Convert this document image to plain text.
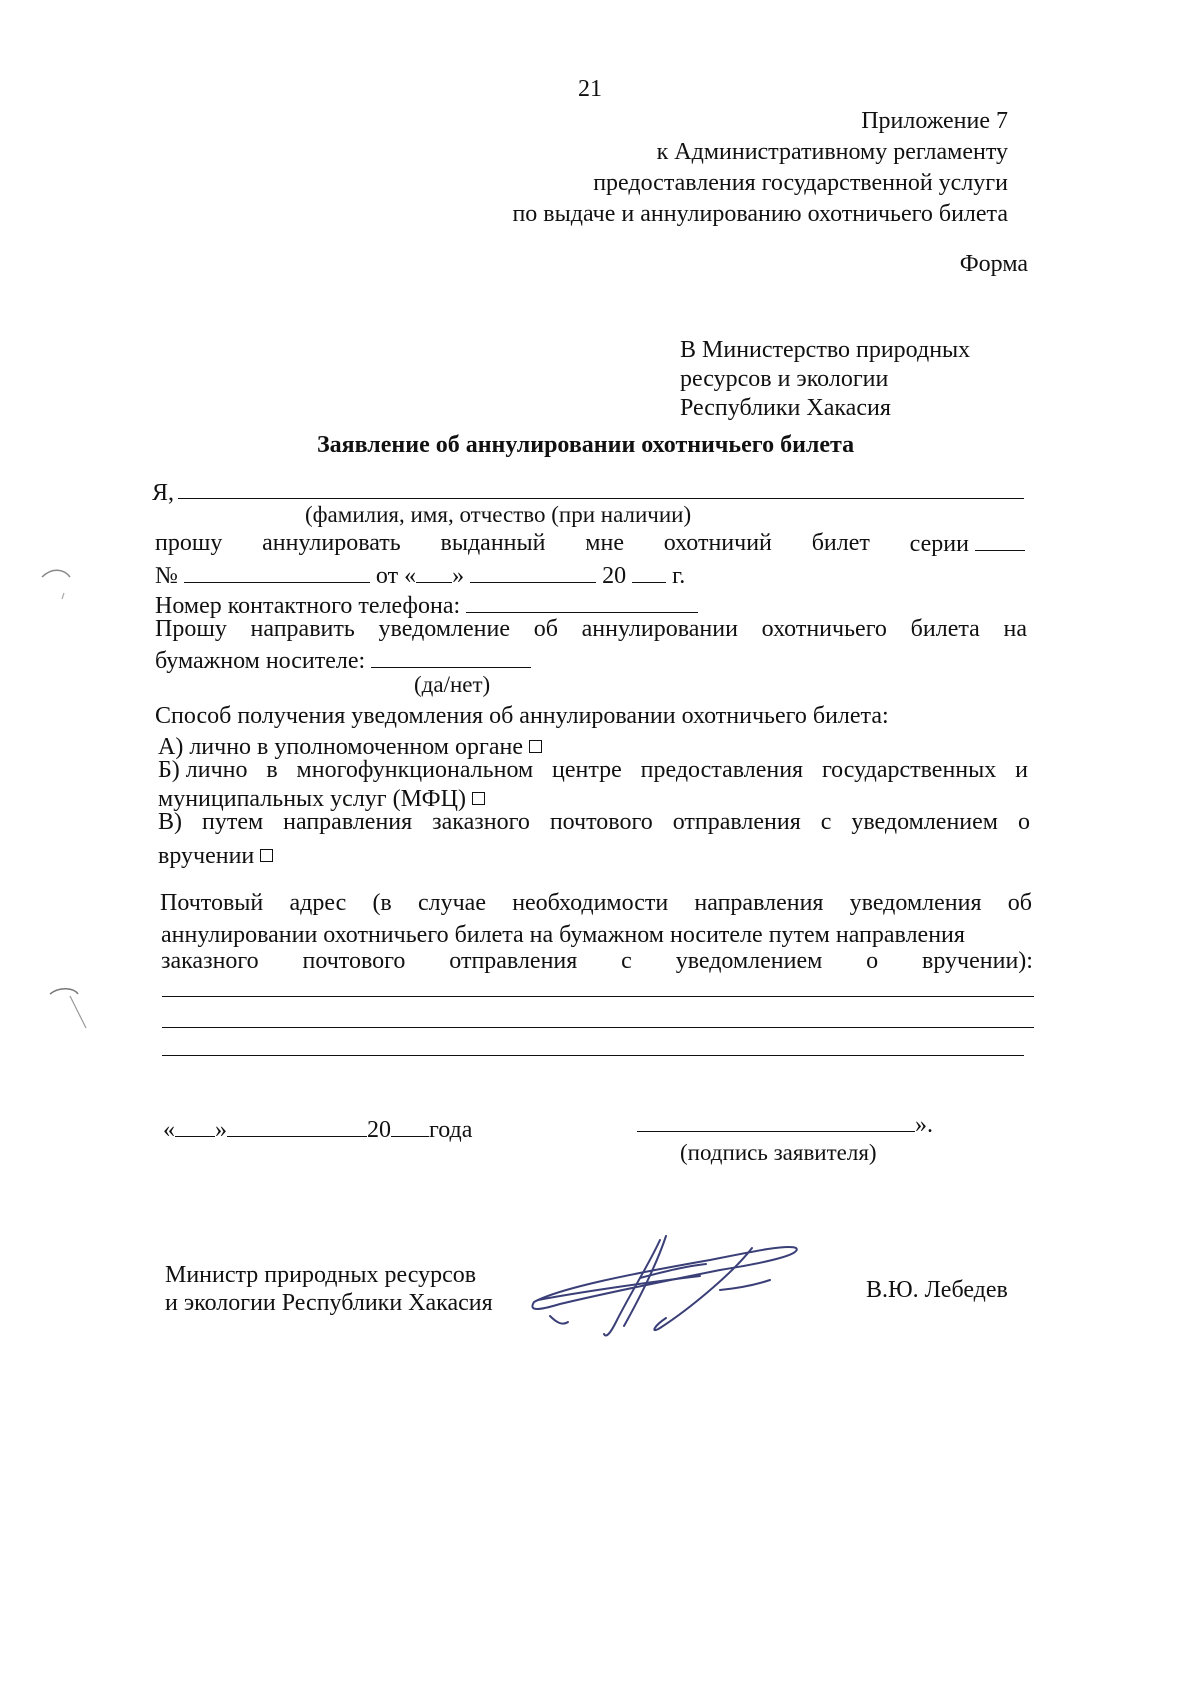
21
Приложение 7
к Административному регламенту
предоставления государственной услуги
по выдаче и аннулированию охотничьего билета
Форма
В Министерство природных
ресурсов и экологии
Республики Хакасия
Заявление об аннулировании охотничьего билета
Я,
(фамилия, имя, отчество (при наличии)
прошу аннулировать выданный мне охотничий билет серии
№	от « »	20 г.
Номер контактного телефона:
Прошу направить уведомление об аннулировании охотничьего билета на
бумажном носителе:
(да/нет)
Способ получения уведомления об аннулировании охотничьего билета:
А) лично в уполномоченном органе
Б) лично в многофункциональном центре предоставления государственных и
муниципальных услуг (МФЦ)
В) путем направления заказного почтового отправления с уведомлением о
вручении
Почтовый адрес (в случае необходимости направления уведомления об
аннулировании охотничьего билета на бумажном носителе путем направления
заказного почтового отправления с уведомлением о вручении):
« »	20 года	».
(подпись заявителя)
Министр природных ресурсов
и экологии Республики Хакасия	В.Ю. Лебедев
